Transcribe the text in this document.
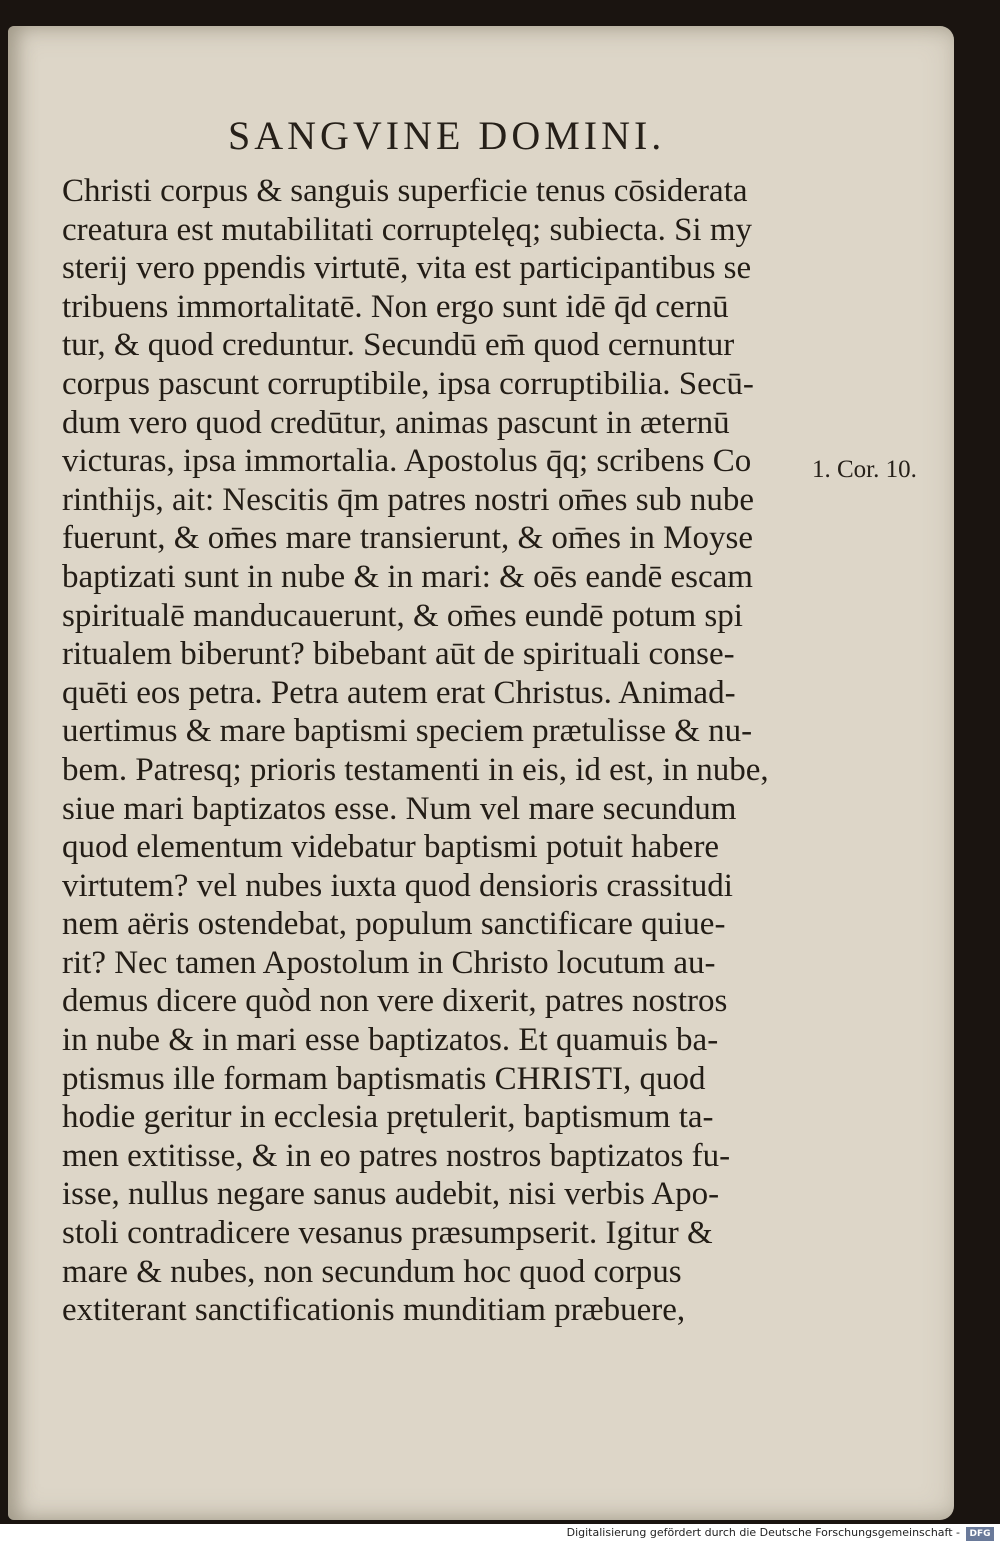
SANGVINE DOMINI.
Christi corpus & sanguis superficie tenus cōsiderata
creatura est mutabilitati corruptelęq; subiecta. Si my
sterij vero ppendis virtutē, vita est participantibus se
tribuens immortalitatē. Non ergo sunt idē q̄d cernū
tur, & quod creduntur. Secundū em̄ quod cernuntur
corpus pascunt corruptibile, ipsa corruptibilia. Secū-
dum vero quod credūtur, animas pascunt in æternū
victuras, ipsa immortalia. Apostolus q̄q; scribens Co
rinthijs, ait: Nescitis q̄m patres nostri om̄es sub nube
fuerunt, & om̄es mare transierunt, & om̄es in Moyse
baptizati sunt in nube & in mari: & oēs eandē escam
spiritualē manducauerunt, & om̄es eundē potum spi
ritualem biberunt? bibebant aūt de spirituali conse-
quēti eos petra. Petra autem erat Christus. Animad-
uertimus & mare baptismi speciem prætulisse & nu-
bem. Patresq; prioris testamenti in eis, id est, in nube,
siue mari baptizatos esse. Num vel mare secundum
quod elementum videbatur baptismi potuit habere
virtutem? vel nubes iuxta quod densioris crassitudi
nem aëris ostendebat, populum sanctificare quiue-
rit? Nec tamen Apostolum in Christo locutum au-
demus dicere quòd non vere dixerit, patres nostros
in nube & in mari esse baptizatos. Et quamuis ba-
ptismus ille formam baptismatis CHRISTI, quod
hodie geritur in ecclesia prętulerit, baptismum ta-
men extitisse, & in eo patres nostros baptizatos fu-
isse, nullus negare sanus audebit, nisi verbis Apo-
stoli contradicere vesanus præsumpserit. Igitur &
mare & nubes, non secundum hoc quod corpus
extiterant sanctificationis munditiam præbuere,
1. Cor. 10.
Digitalisierung gefördert durch die Deutsche Forschungsgemeinschaft -	DFG
